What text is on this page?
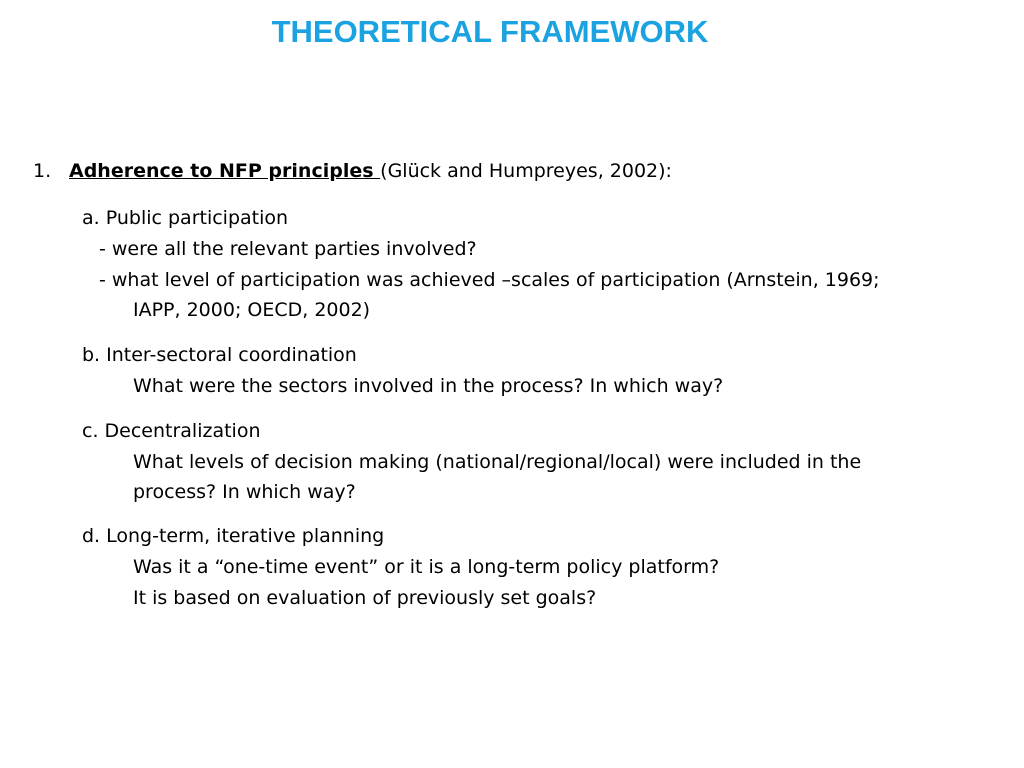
THEORETICAL FRAMEWORK
1. Adherence to NFP principles (Glück and Humpreyes, 2002):
a. Public participation
- were all the relevant parties involved?
- what level of participation was achieved –scales of participation (Arnstein, 1969;
IAPP, 2000; OECD, 2002)
b. Inter-sectoral coordination
What were the sectors involved in the process? In which way?
c. Decentralization
What levels of decision making (national/regional/local) were included in the
process? In which way?
d. Long-term, iterative planning
Was it a “one-time event” or it is a long-term policy platform?
It is based on evaluation of previously set goals?
